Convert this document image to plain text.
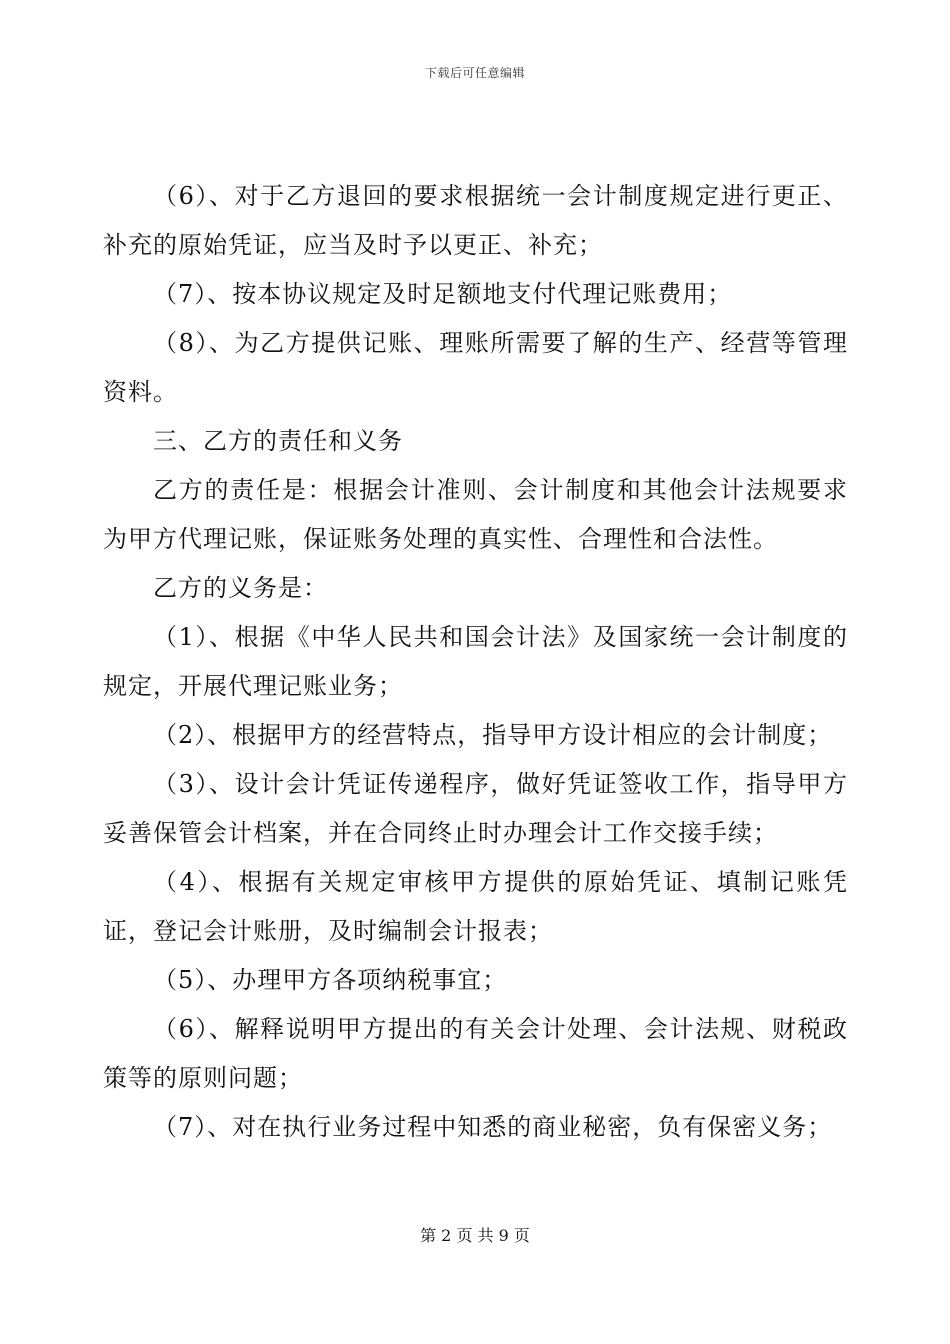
下载后可任意编辑

（6）、对于乙方退回的要求根据统一会计制度规定进行更正、补充的原始凭证，应当及时予以更正、补充；

（7）、按本协议规定及时足额地支付代理记账费用；

（8）、为乙方提供记账、理账所需要了解的生产、经营等管理资料。

三、乙方的责任和义务

乙方的责任是：根据会计准则、会计制度和其他会计法规要求为甲方代理记账，保证账务处理的真实性、合理性和合法性。

乙方的义务是：

（1）、根据《中华人民共和国会计法》及国家统一会计制度的规定，开展代理记账业务；

（2）、根据甲方的经营特点，指导甲方设计相应的会计制度；

（3）、设计会计凭证传递程序，做好凭证签收工作，指导甲方妥善保管会计档案，并在合同终止时办理会计工作交接手续；

（4）、根据有关规定审核甲方提供的原始凭证、填制记账凭证，登记会计账册，及时编制会计报表；

（5）、办理甲方各项纳税事宜；

（6）、解释说明甲方提出的有关会计处理、会计法规、财税政策等的原则问题；

（7）、对在执行业务过程中知悉的商业秘密，负有保密义务；

第 2 页 共 9 页
